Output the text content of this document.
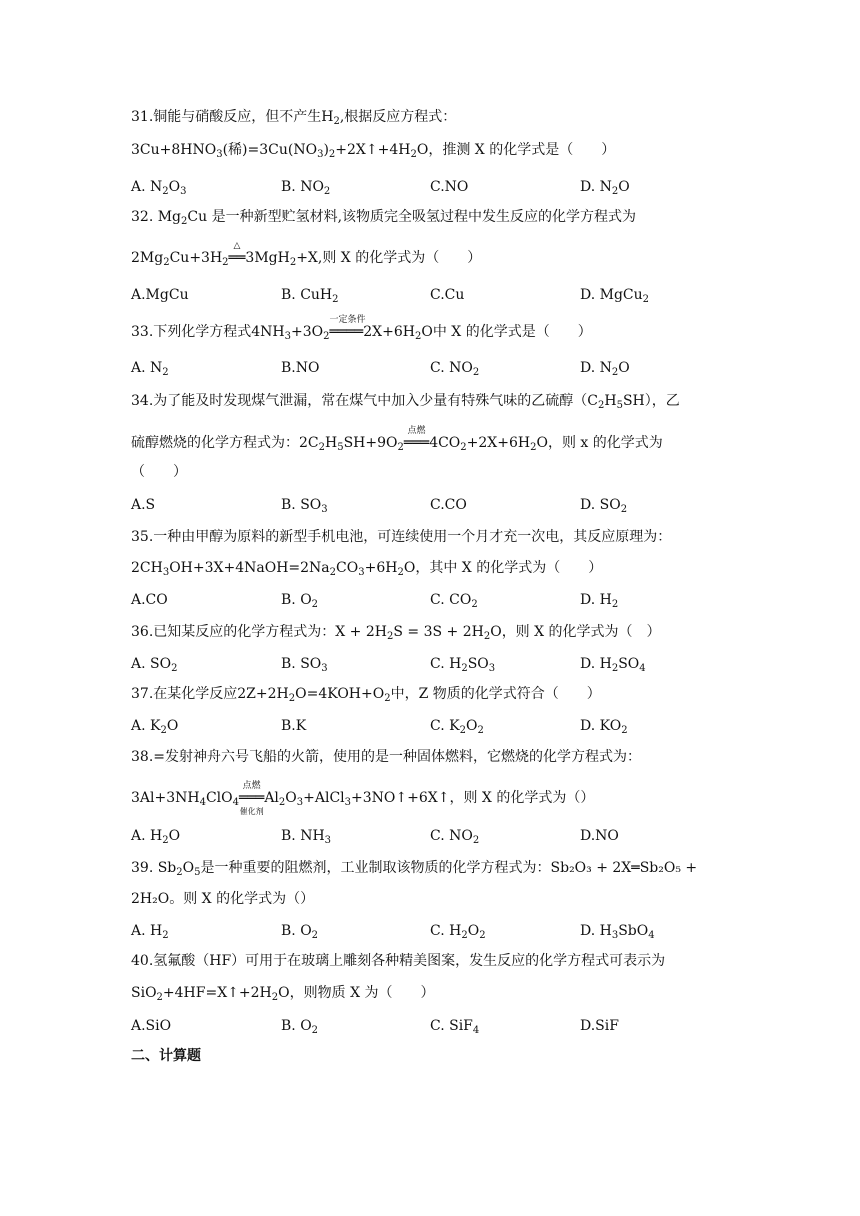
31.铜能与硝酸反应，但不产生$H_2$,根据反应方程式：
$3Cu+8HNO_3$(稀)$=3Cu(NO_3)_2+2X↑+4H_2O$，推测 X 的化学式是（　　）
A. $N_2O_3$	B. $NO_2$	C.NO	D. $N_2O$
32. $Mg_2Cu$ 是一种新型贮氢材料,该物质完全吸氢过程中发生反应的化学方程式为
$2Mg_2Cu+3H_2══$
△
3MgH$_2$+X,则 X 的化学式为（　　）
A.MgCu	B. CuH$_2$	C.Cu	D. MgCu$_2$
33.下列化学方程式$4NH_3+3O_2════$
一定条件
$2X+6H_2O$中 X 的化学式是（　　）
A. $N_2$	B.NO	C. $NO_2$	D. $N_2O$
34.为了能及时发现煤气泄漏，常在煤气中加入少量有特殊气味的乙硫醇$(C_2H_5SH)$，乙
硫醇燃烧的化学方程式为：$2C_2H_5SH+9O_2═══$
点燃
$4CO_2+2X+6H_2O$，则 x 的化学式为
（　　）
A.S	B. $SO_3$	C.CO	D. $SO_2$
35.一种由甲醇为原料的新型手机电池，可连续使用一个月才充一次电，其反应原理为：
$2CH_3OH+3X+4NaOH=2Na_2CO_3+6H_2O$，其中 X 的化学式为（　　）
A.CO	B. $O_2$	C. $CO_2$	D. $H_2$
36.已知某反应的化学方程式为：$X + 2H_2S = 3S + 2H_2O$，则 X 的化学式为（　）
A. $SO_2$	B. $SO_3$	C. $H_2SO_3$	D. $H_2SO_4$
37.在某化学反应$2Z+2H_2O=4KOH+O_2$中，Z 物质的化学式符合（　　）
A. $K_2O$	B.K	C. $K_2O_2$	D. $KO_2$
38.=发射神舟六号飞船的火箭，使用的是一种固体燃料，它燃烧的化学方程式为：
$3Al+3NH_4ClO_4═══$
点燃
催化剂
$Al_2O_3+AlCl_3+3NO↑+6X↑$，则 X 的化学式为（）
A. $H_2O$	B. $NH_3$	C. $NO_2$	D.NO
39. $Sb_2O_5$是一种重要的阻燃剂，工业制取该物质的化学方程式为：Sb₂O₃ + 2X═Sb₂O₅ +
2H₂O。则 X 的化学式为（）
A. $H_2$	B. $O_2$	C. $H_2O_2$	D. $H_3SbO_4$
40.氢氟酸（HF）可用于在玻璃上雕刻各种精美图案，发生反应的化学方程式可表示为
$SiO_2+4HF=X↑+2H_2O$，则物质 X 为（　　）
A.SiO	B. $O_2$	C. SiF$_4$	D.SiF
二、计算题
